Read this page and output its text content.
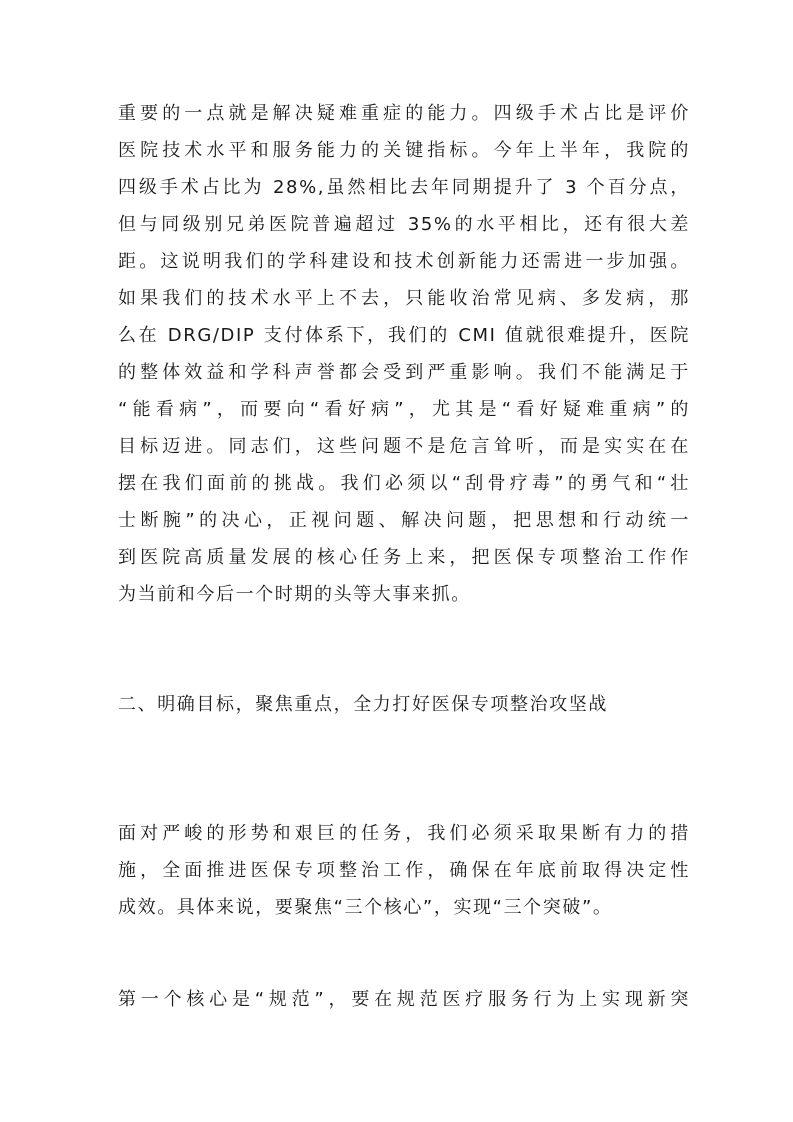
重要的一点就是解决疑难重症的能力。四级手术占比是评价
医院技术水平和服务能力的关键指标。今年上半年，我院的
四级手术占比为 28%,虽然相比去年同期提升了 3 个百分点，
但与同级别兄弟医院普遍超过 35%的水平相比，还有很大差
距。这说明我们的学科建设和技术创新能力还需进一步加强。
如果我们的技术水平上不去，只能收治常见病、多发病，那
么在 DRG/DIP 支付体系下，我们的 CMI 值就很难提升，医院
的整体效益和学科声誉都会受到严重影响。我们不能满足于
“能看病”，而要向“看好病”，尤其是“看好疑难重病”的
目标迈进。同志们，这些问题不是危言耸听，而是实实在在
摆在我们面前的挑战。我们必须以“刮骨疗毒”的勇气和“壮
士断腕”的决心，正视问题、解决问题，把思想和行动统一
到医院高质量发展的核心任务上来，把医保专项整治工作作
为当前和今后一个时期的头等大事来抓。
二、明确目标，聚焦重点，全力打好医保专项整治攻坚战
面对严峻的形势和艰巨的任务，我们必须采取果断有力的措
施，全面推进医保专项整治工作，确保在年底前取得决定性
成效。具体来说，要聚焦“三个核心”，实现“三个突破”。
第一个核心是“规范”，要在规范医疗服务行为上实现新突
